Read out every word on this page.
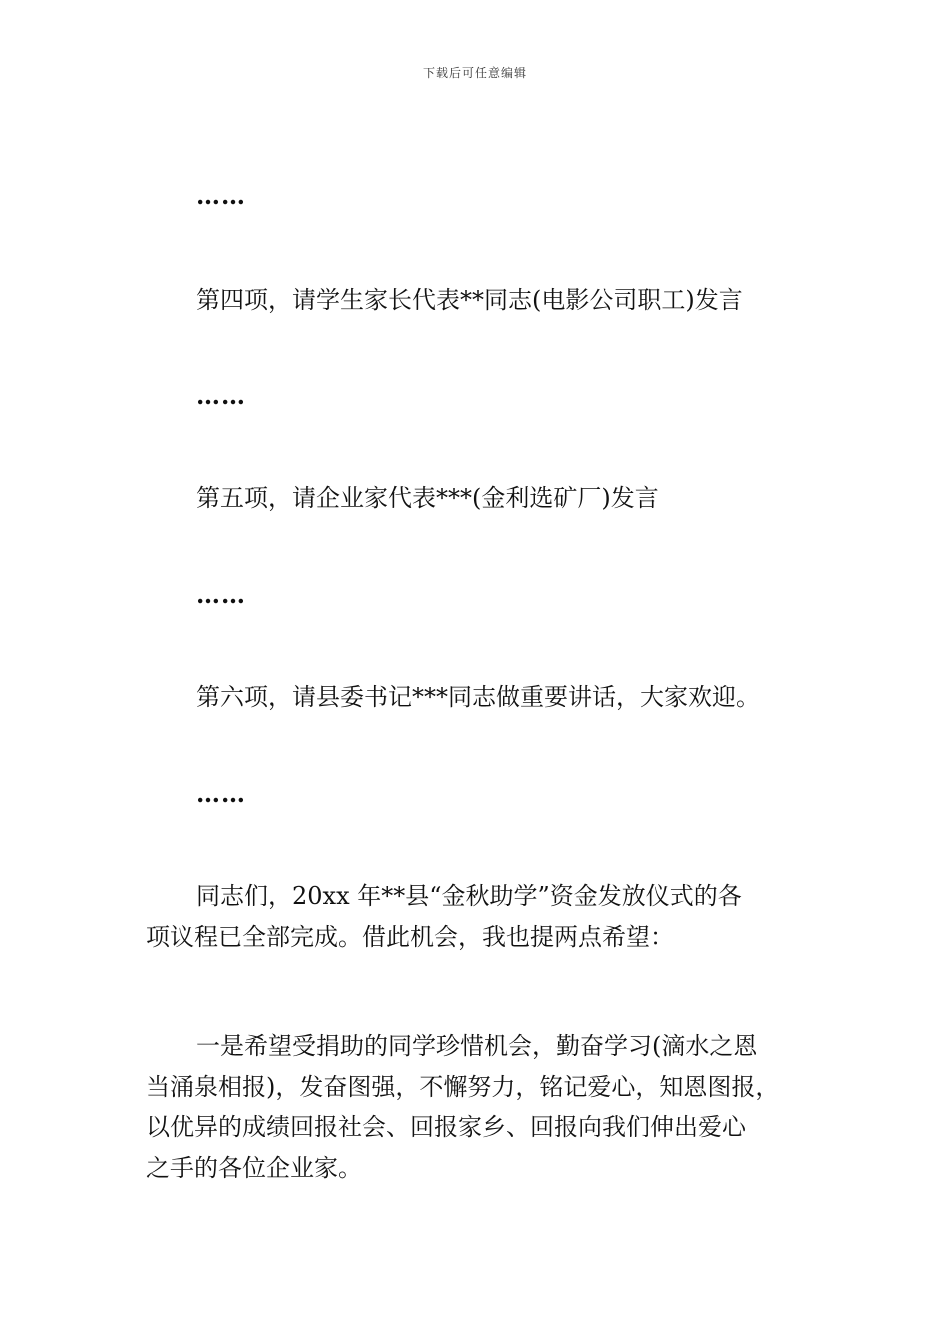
下载后可任意编辑
……
第四项，请学生家长代表**同志(电影公司职工)发言
……
第五项，请企业家代表***(金利选矿厂)发言
……
第六项，请县委书记***同志做重要讲话，大家欢迎。
……
同志们，20xx 年**县“金秋助学”资金发放仪式的各
项议程已全部完成。借此机会，我也提两点希望：
一是希望受捐助的同学珍惜机会，勤奋学习(滴水之恩
当涌泉相报)，发奋图强，不懈努力，铭记爱心，知恩图报，
以优异的成绩回报社会、回报家乡、回报向我们伸出爱心
之手的各位企业家。
